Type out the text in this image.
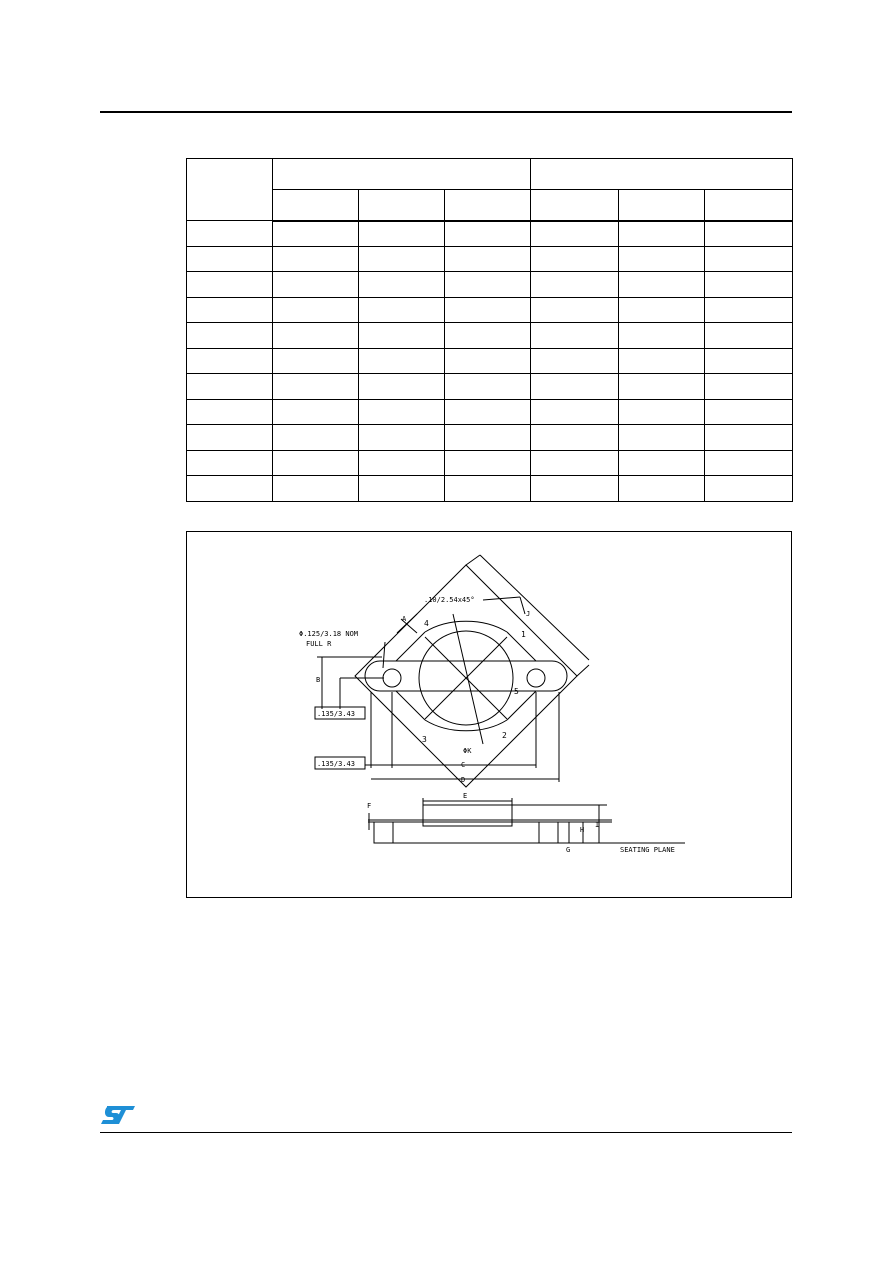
.10/2.54x45°
Φ.125/3.18 NOM
FULL R
.135/3.43
.135/3.43
SEATING PLANE
A
B
C
D
E
F
G
H
I
J
ΦK
1
2
3
4
5
